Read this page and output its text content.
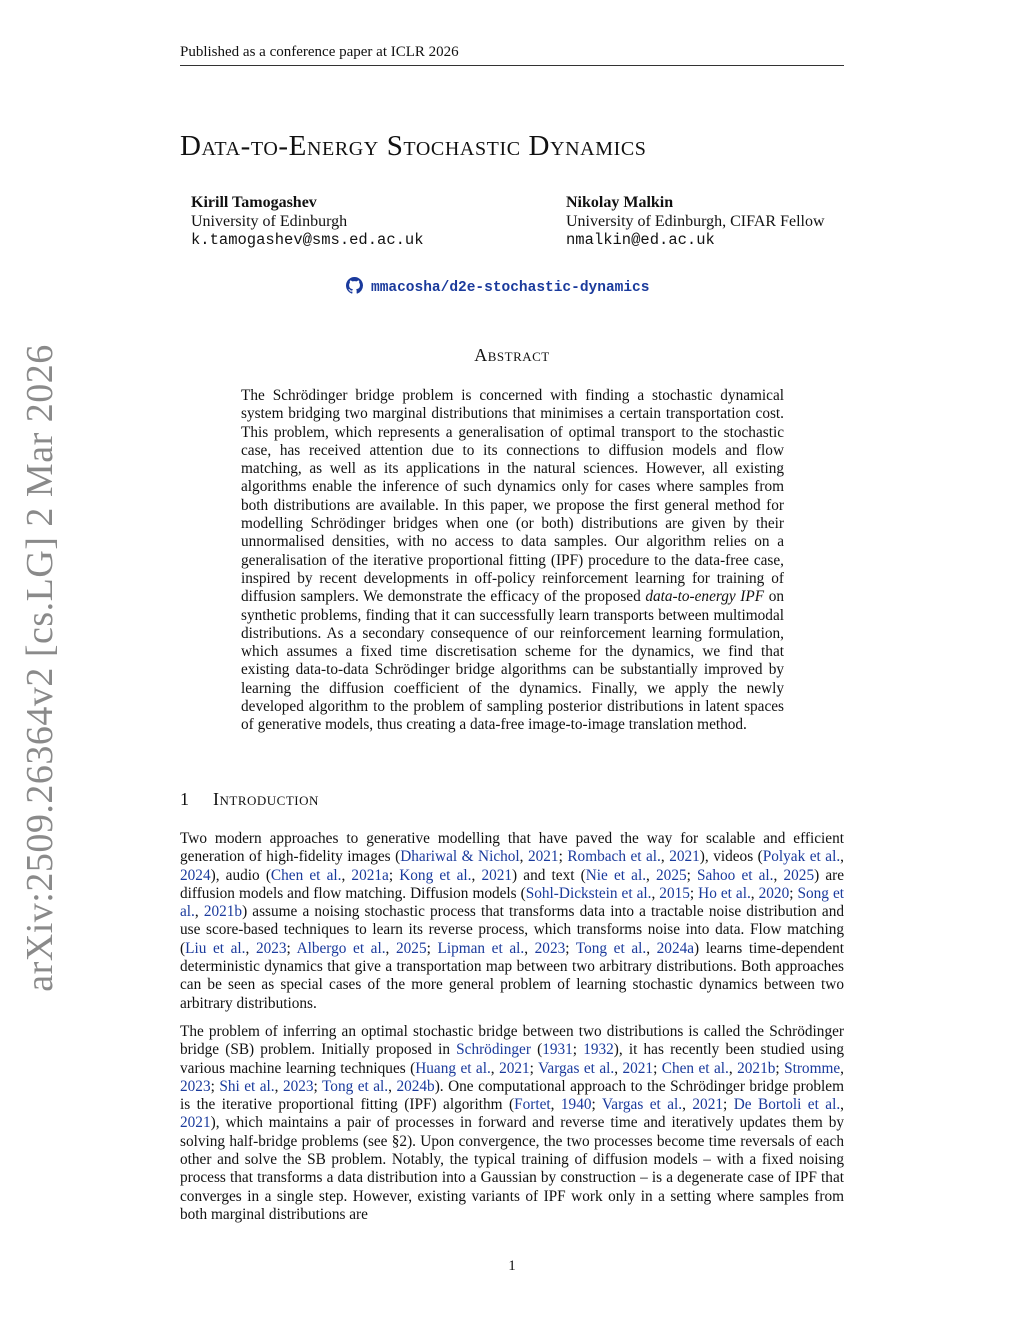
arXiv:2509.26364v2 [cs.LG] 2 Mar 2026
Published as a conference paper at ICLR 2026
Data-to-Energy Stochastic Dynamics
Kirill Tamogashev
University of Edinburgh
k.tamogashev@sms.ed.ac.uk
Nikolay Malkin
University of Edinburgh, CIFAR Fellow
nmalkin@ed.ac.uk
mmacosha/d2e-stochastic-dynamics
Abstract
The Schrödinger bridge problem is concerned with finding a stochastic dynamical system bridging two marginal distributions that minimises a certain transportation cost. This problem, which represents a generalisation of optimal transport to the stochastic case, has received attention due to its connections to diffusion models and flow matching, as well as its applications in the natural sciences. However, all existing algorithms enable the inference of such dynamics only for cases where samples from both distributions are available. In this paper, we propose the first general method for modelling Schrödinger bridges when one (or both) distributions are given by their unnormalised densities, with no access to data samples. Our algorithm relies on a generalisation of the iterative proportional fitting (IPF) procedure to the data-free case, inspired by recent developments in off-policy reinforcement learning for training of diffusion samplers. We demonstrate the efficacy of the proposed data-to-energy IPF on synthetic problems, finding that it can successfully learn transports between multimodal distributions. As a secondary consequence of our reinforcement learning formulation, which assumes a fixed time discretisation scheme for the dynamics, we find that existing data-to-data Schrödinger bridge algorithms can be substantially improved by learning the diffusion coefficient of the dynamics. Finally, we apply the newly developed algorithm to the problem of sampling posterior distributions in latent spaces of generative models, thus creating a data-free image-to-image translation method.
1 Introduction
Two modern approaches to generative modelling that have paved the way for scalable and efficient generation of high-fidelity images (Dhariwal & Nichol, 2021; Rombach et al., 2021), videos (Polyak et al., 2024), audio (Chen et al., 2021a; Kong et al., 2021) and text (Nie et al., 2025; Sahoo et al., 2025) are diffusion models and flow matching. Diffusion models (Sohl-Dickstein et al., 2015; Ho et al., 2020; Song et al., 2021b) assume a noising stochastic process that transforms data into a tractable noise distribution and use score-based techniques to learn its reverse process, which transforms noise into data. Flow matching (Liu et al., 2023; Albergo et al., 2025; Lipman et al., 2023; Tong et al., 2024a) learns time-dependent deterministic dynamics that give a transportation map between two arbitrary distributions. Both approaches can be seen as special cases of the more general problem of learning stochastic dynamics between two arbitrary distributions.
The problem of inferring an optimal stochastic bridge between two distributions is called the Schrödinger bridge (SB) problem. Initially proposed in Schrödinger (1931; 1932), it has recently been studied using various machine learning techniques (Huang et al., 2021; Vargas et al., 2021; Chen et al., 2021b; Stromme, 2023; Shi et al., 2023; Tong et al., 2024b). One computational approach to the Schrödinger bridge problem is the iterative proportional fitting (IPF) algorithm (Fortet, 1940; Vargas et al., 2021; De Bortoli et al., 2021), which maintains a pair of processes in forward and reverse time and iteratively updates them by solving half-bridge problems (see §2). Upon convergence, the two processes become time reversals of each other and solve the SB problem. Notably, the typical training of diffusion models – with a fixed noising process that transforms a data distribution into a Gaussian by construction – is a degenerate case of IPF that converges in a single step. However, existing variants of IPF work only in a setting where samples from both marginal distributions are
1
